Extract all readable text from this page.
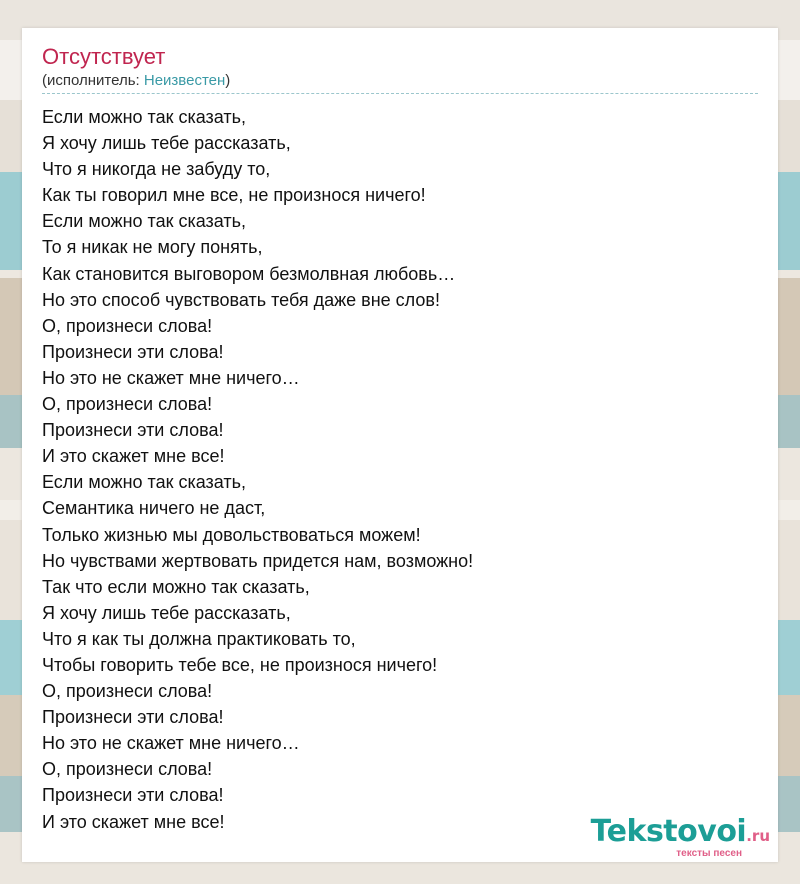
Отсутствует
(исполнитель: Неизвестен)
Если можно так сказать,
Я хочу лишь тебе рассказать,
Что я никогда не забуду то,
Как ты говорил мне все, не произнося ничего!
Если можно так сказать,
То я никак не могу понять,
Как становится выговором безмолвная любовь…
Но это способ чувствовать тебя даже вне слов!
О, произнеси слова!
Произнеси эти слова!
Но это не скажет мне ничего…
О, произнеси слова!
Произнеси эти слова!
И это скажет мне все!
Если можно так сказать,
Семантика ничего не даст,
Только жизнью мы довольствоваться можем!
Но чувствами жертвовать придется нам, возможно!
Так что если можно так сказать,
Я хочу лишь тебе рассказать,
Что я как ты должна практиковать то,
Чтобы говорить тебе все, не произнося ничего!
О, произнеси слова!
Произнеси эти слова!
Но это не скажет мне ничего…
О, произнеси слова!
Произнеси эти слова!
И это скажет мне все!	Tekstovoi.ru
тексты песен
